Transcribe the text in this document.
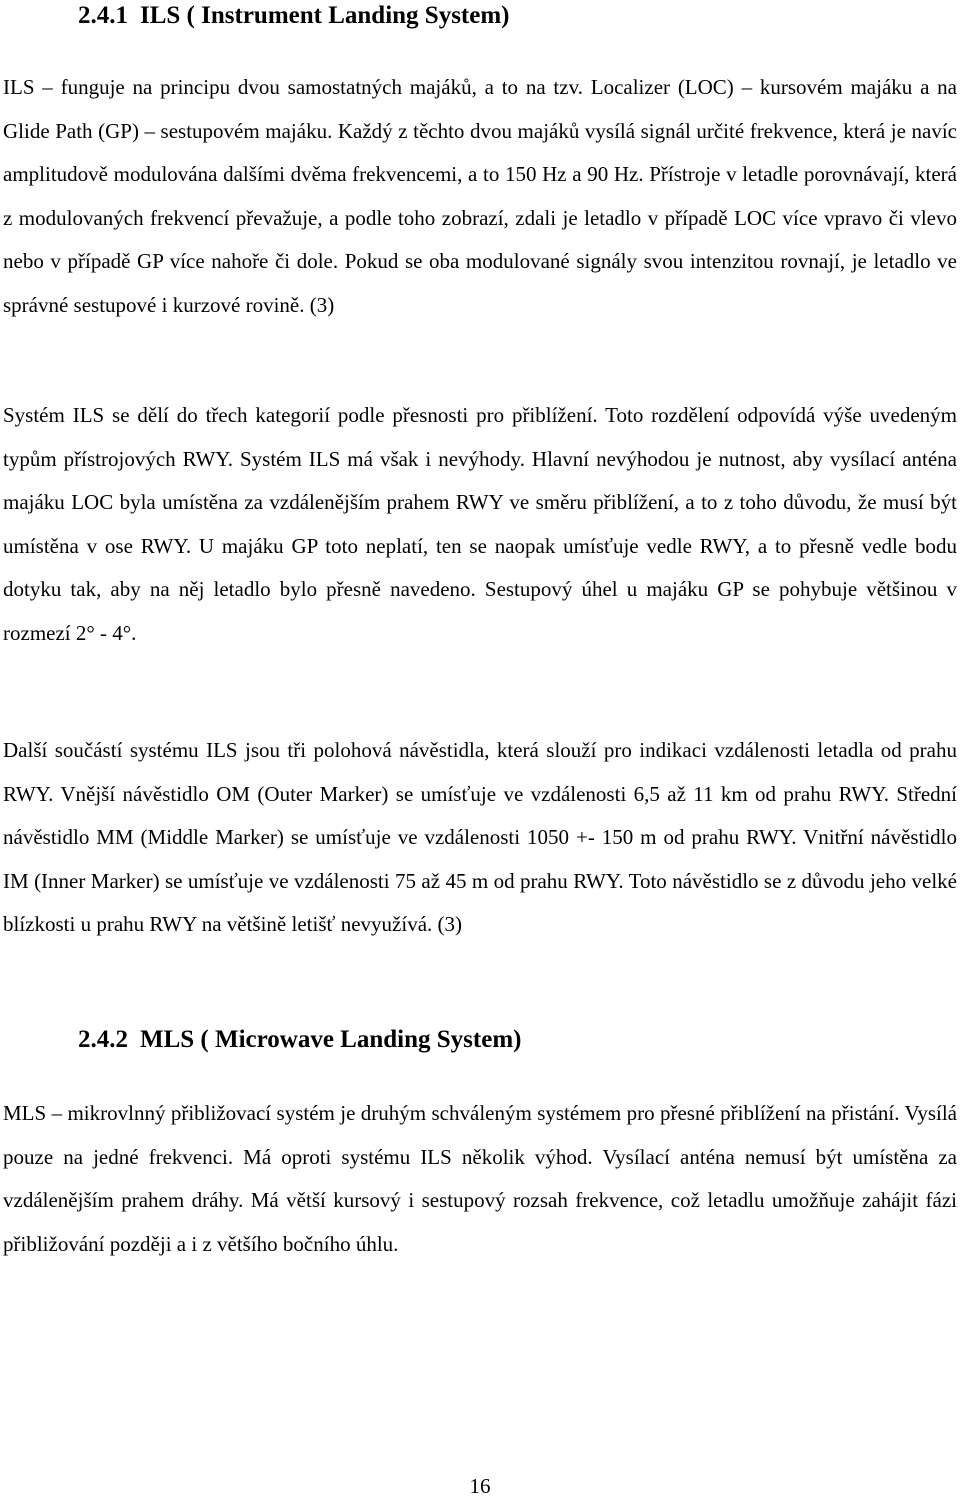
2.4.1 ILS ( Instrument Landing System)

ILS – funguje na principu dvou samostatných majáků, a to na tzv. Localizer (LOC) – kursovém majáku a na Glide Path (GP) – sestupovém majáku. Každý z těchto dvou majáků vysílá signál určité frekvence, která je navíc amplitudově modulována dalšími dvěma frekvencemi, a to 150 Hz a 90 Hz. Přístroje v letadle porovnávají, která z modulovaných frekvencí převažuje, a podle toho zobrazí, zdali je letadlo v případě LOC více vpravo či vlevo nebo v případě GP více nahoře či dole. Pokud se oba modulované signály svou intenzitou rovnají, je letadlo ve správné sestupové i kurzové rovině. (3)

Systém ILS se dělí do třech kategorií podle přesnosti pro přiblížení. Toto rozdělení odpovídá výše uvedeným typům přístrojových RWY. Systém ILS má však i nevýhody. Hlavní nevýhodou je nutnost, aby vysílací anténa majáku LOC byla umístěna za vzdálenějším prahem RWY ve směru přiblížení, a to z toho důvodu, že musí být umístěna v ose RWY. U majáku GP toto neplatí, ten se naopak umísťuje vedle RWY, a to přesně vedle bodu dotyku tak, aby na něj letadlo bylo přesně navedeno. Sestupový úhel u majáku GP se pohybuje většinou v rozmezí 2° - 4°.

Další součástí systému ILS jsou tři polohová návěstidla, která slouží pro indikaci vzdálenosti letadla od prahu RWY. Vnější návěstidlo OM (Outer Marker) se umísťuje ve vzdálenosti 6,5 až 11 km od prahu RWY. Střední návěstidlo MM (Middle Marker) se umísťuje ve vzdálenosti 1050 +- 150 m od prahu RWY. Vnitřní návěstidlo IM (Inner Marker) se umísťuje ve vzdálenosti 75 až 45 m od prahu RWY. Toto návěstidlo se z důvodu jeho velké blízkosti u prahu RWY na většině letišť nevyužívá. (3)

2.4.2 MLS ( Microwave Landing System)

MLS – mikrovlnný přibližovací systém je druhým schváleným systémem pro přesné přiblížení na přistání. Vysílá pouze na jedné frekvenci. Má oproti systému ILS několik výhod. Vysílací anténa nemusí být umístěna za vzdálenějším prahem dráhy. Má větší kursový i sestupový rozsah frekvence, což letadlu umožňuje zahájit fázi přibližování později a i z většího bočního úhlu.

16
